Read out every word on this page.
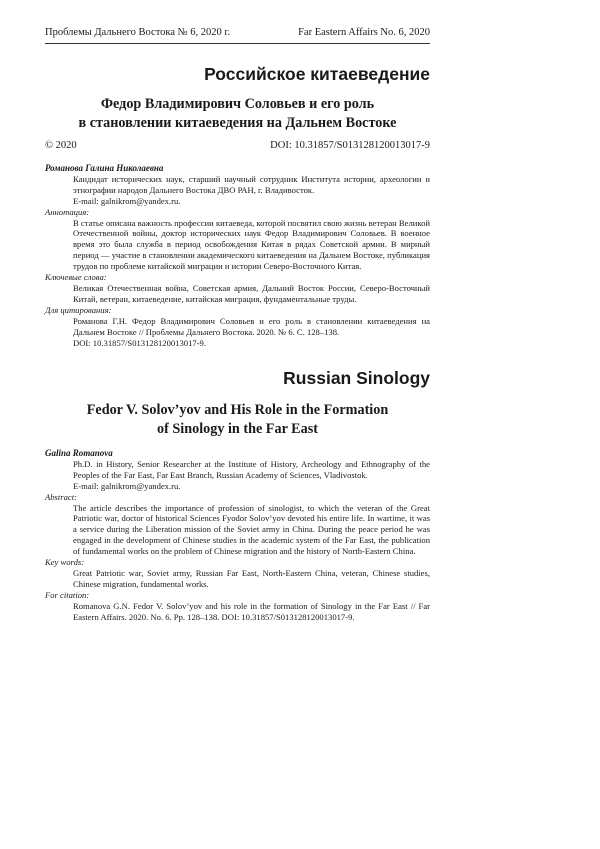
Проблемы Дальнего Востока № 6, 2020 г.	Far Eastern Affairs No. 6, 2020
Российское китаеведение
Федор Владимирович Соловьев и его роль
в становлении китаеведения на Дальнем Востоке
© 2020	DOI: 10.31857/S013128120013017-9
Романова Галина Николаевна

Кандидат исторических наук, старший научный сотрудник Института истории, археологии и этнографии народов Дальнего Востока ДВО РАН, г. Владивосток.

E-mail: galnikrom@yandex.ru.

Аннотация:

В статье описана важность профессии китаеведа, которой посвятил свою жизнь ветеран Великой Отечественной войны, доктор исторических наук Федор Владимирович Соловьев. В военное время это была служба в период освобождения Китая в рядах Советской армии. В мирный период — участие в становлении академического китаеведения на Дальнем Востоке, публикация трудов по проблеме китайской миграции и истории Северо-Восточного Китая.

Ключевые слова:

Великая Отечественная война, Советская армия, Дальний Восток России, Северо-Восточный Китай, ветеран, китаеведение, китайская миграция, фундаментальные труды.

Для цитирования:

Романова Г.Н. Федор Владимирович Соловьев и его роль в становлении китаеведения на Дальнем Востоке // Проблемы Дальнего Востока. 2020. № 6. С. 128–138.

DOI: 10.31857/S013128120013017-9.

Russian Sinology
Fedor V. Solov’yov and His Role in the Formation
of Sinology in the Far East
Galina Romanova

Ph.D. in History, Senior Researcher at the Institute of History, Archeology and Ethnography of the Peoples of the Far East, Far East Branch, Russian Academy of Sciences, Vladivostok.

E-mail: galnikrom@yandex.ru.

Abstract:

The article describes the importance of profession of sinologist, to which the veteran of the Great Patriotic war, doctor of historical Sciences Fyodor Solov’yov devoted his entire life. In wartime, it was a service during the Liberation mission of the Soviet army in China. During the peace period he was engaged in the development of Chinese studies in the academic system of the Far East, the publication of fundamental works on the problem of Chinese migration and the history of North-Eastern China.

Key words:

Great Patriotic war, Soviet army, Russian Far East, North-Eastern China, veteran, Chinese studies, Chinese migration, fundamental works.

For citation:

Romanova G.N. Fedor V. Solov’yov and his role in the formation of Sinology in the Far East // Far Eastern Affairs. 2020. No. 6. Pp. 128–138. DOI: 10.31857/S013128120013017-9.
